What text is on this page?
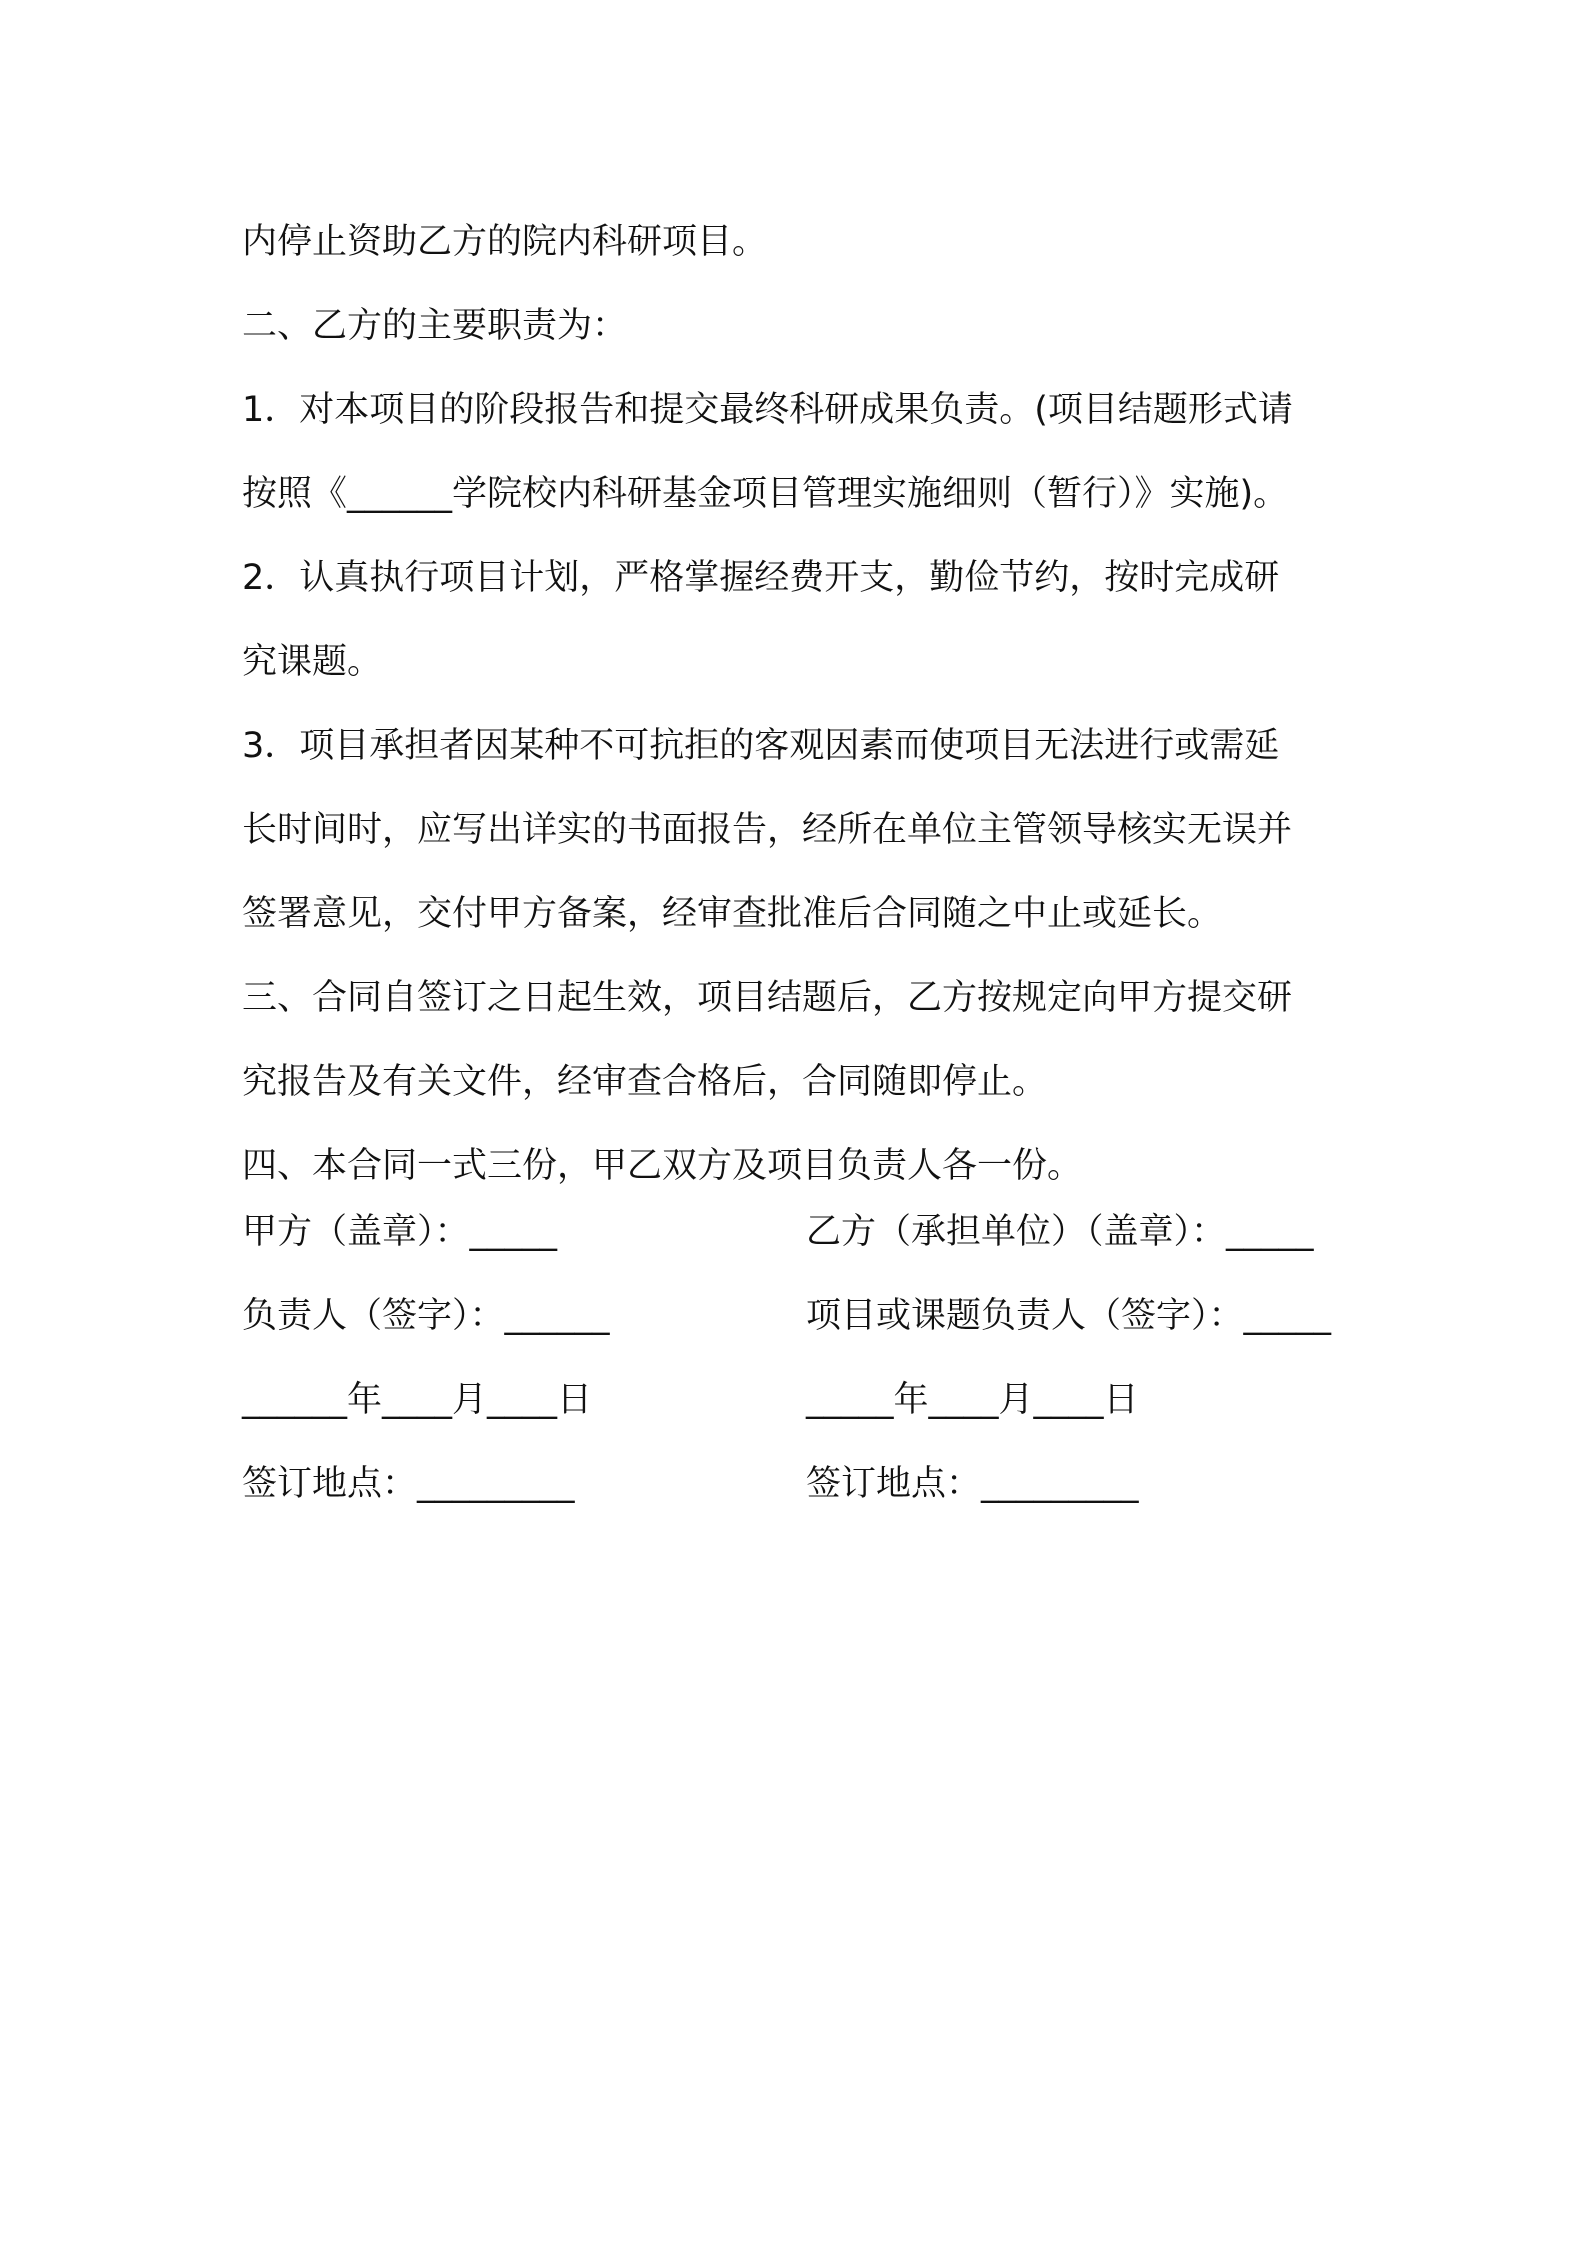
内停止资助乙方的院内科研项目。
二、乙方的主要职责为：
1．对本项目的阶段报告和提交最终科研成果负责。(项目结题形式请
按照《______学院校内科研基金项目管理实施细则（暂行）》实施)。
2．认真执行项目计划，严格掌握经费开支，勤俭节约，按时完成研
究课题。
3．项目承担者因某种不可抗拒的客观因素而使项目无法进行或需延
长时间时，应写出详实的书面报告，经所在单位主管领导核实无误并
签署意见，交付甲方备案，经审查批准后合同随之中止或延长。
三、合同自签订之日起生效，项目结题后，乙方按规定向甲方提交研
究报告及有关文件，经审查合格后，合同随即停止。
四、本合同一式三份，甲乙双方及项目负责人各一份。
甲方（盖章）：_____	乙方（承担单位）（盖章）：_____
负责人（签字）：______	项目或课题负责人（签字）：_____
______年____月____日	_____年____月____日
签订地点：_________	签订地点：_________
